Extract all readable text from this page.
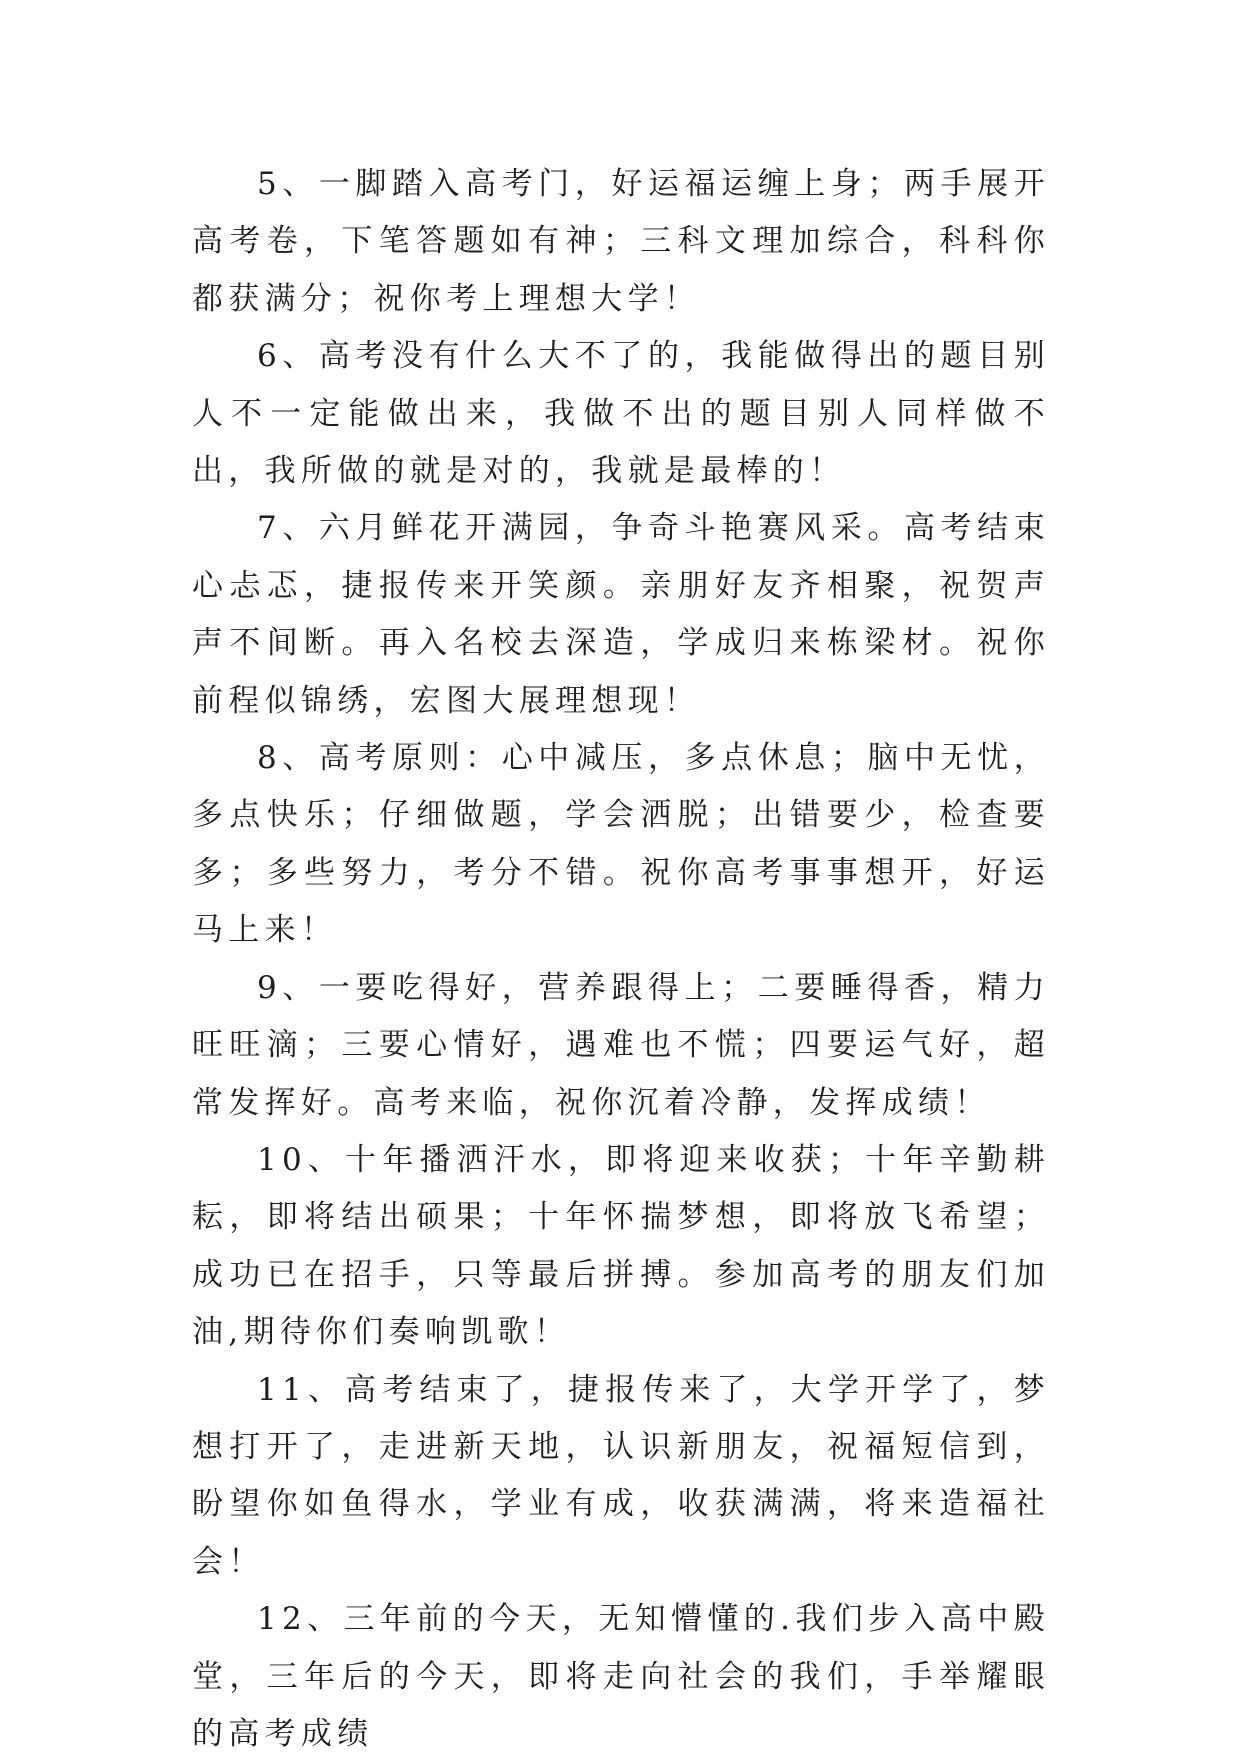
5、一脚踏入高考门，好运福运缠上身；两手展开高考卷，下笔答题如有神；三科文理加综合，科科你都获满分；祝你考上理想大学！

6、高考没有什么大不了的，我能做得出的题目别人不一定能做出来，我做不出的题目别人同样做不出，我所做的就是对的，我就是最棒的！

7、六月鲜花开满园，争奇斗艳赛风采。高考结束心忐忑，捷报传来开笑颜。亲朋好友齐相聚，祝贺声声不间断。再入名校去深造，学成归来栋梁材。祝你前程似锦绣，宏图大展理想现！

8、高考原则：心中减压，多点休息；脑中无忧，多点快乐；仔细做题，学会洒脱；出错要少，检查要多；多些努力，考分不错。祝你高考事事想开，好运马上来！

9、一要吃得好，营养跟得上；二要睡得香，精力旺旺滴；三要心情好，遇难也不慌；四要运气好，超常发挥好。高考来临，祝你沉着冷静，发挥成绩！

10、十年播洒汗水，即将迎来收获；十年辛勤耕耘，即将结出硕果；十年怀揣梦想，即将放飞希望；成功已在招手，只等最后拼搏。参加高考的朋友们加油,期待你们奏响凯歌！

11、高考结束了，捷报传来了，大学开学了，梦想打开了，走进新天地，认识新朋友，祝福短信到，盼望你如鱼得水，学业有成，收获满满，将来造福社会！

12、三年前的今天，无知懵懂的.我们步入高中殿堂，三年后的今天，即将走向社会的我们，手举耀眼的高考成绩
